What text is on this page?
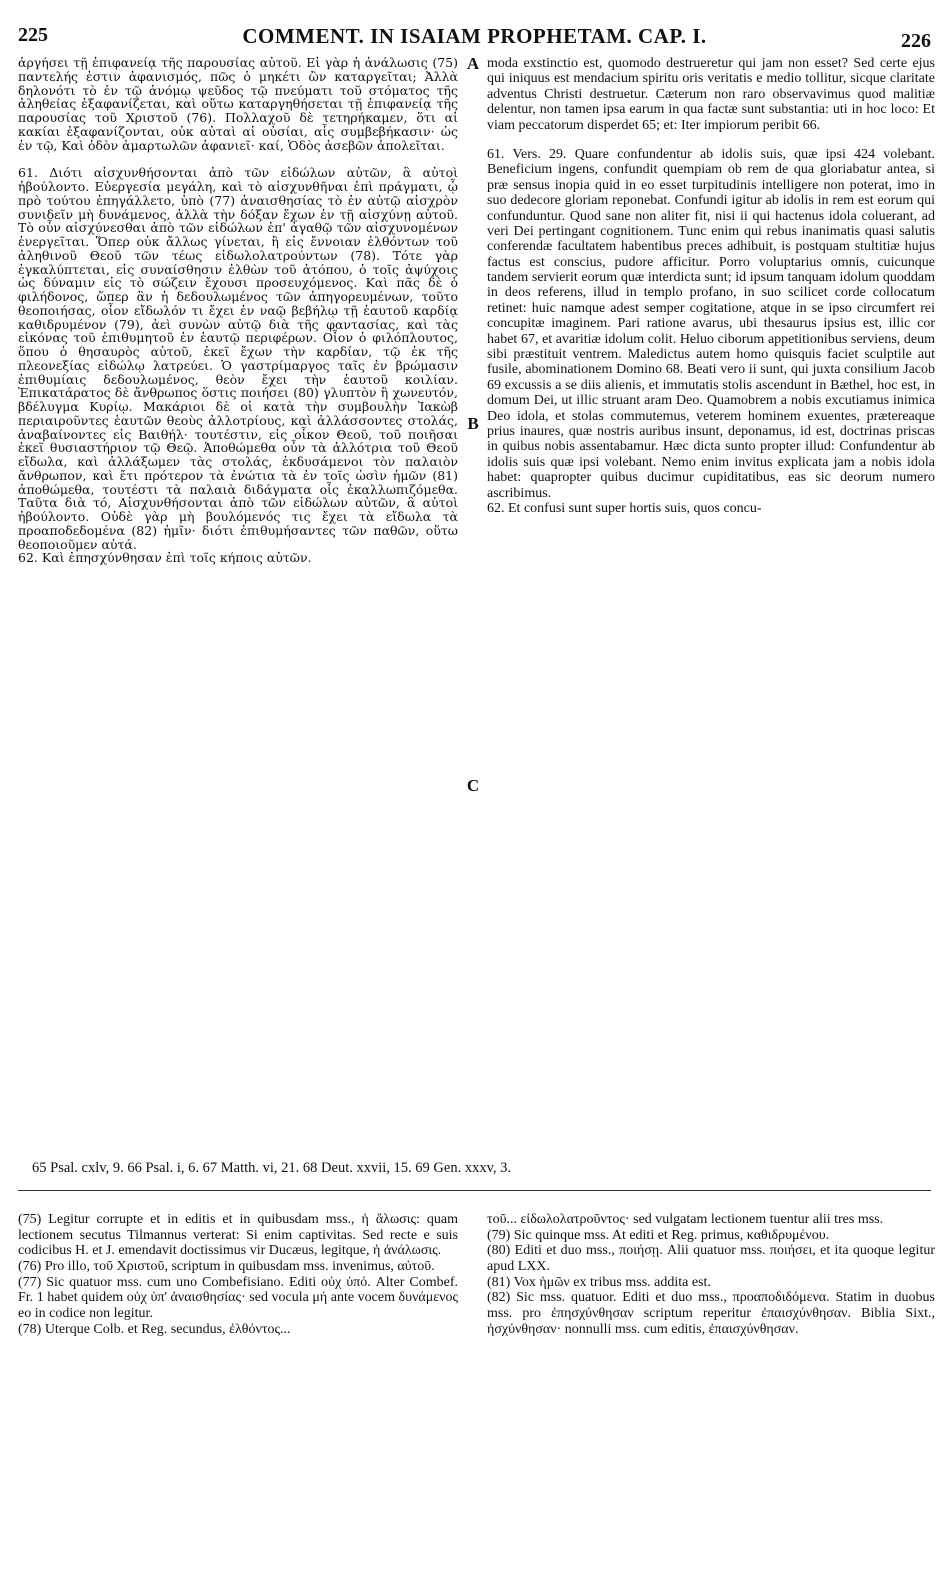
225	COMMENT. IN ISAIAM PROPHETAM. CAP. I.	226

ἀργήσει τῇ ἐπιφανείᾳ τῆς παρουσίας αὐτοῦ. Εἰ γὰρ ἡ ἀνάλωσις (75) παντελής ἐστιν ἀφανισμός, πῶς ὁ μηκέτι ὢν καταργεῖται; Ἀλλὰ δηλονότι τὸ ἐν τῷ ἀνόμῳ ψεῦδος τῷ πνεύματι τοῦ στόματος τῆς ἀληθείας ἐξαφανίζεται, καὶ οὕτω καταργηθήσεται τῇ ἐπιφανείᾳ τῆς παρουσίας τοῦ Χριστοῦ (76). Πολλαχοῦ δὲ τετηρήκαμεν, ὅτι αἱ κακίαι ἐξαφανίζονται, οὐκ αὐταὶ αἱ οὐσίαι, αἷς συμβεβήκασιν· ὡς ἐν τῷ, Καὶ ὁδὸν ἁμαρτωλῶν ἀφανιεῖ· καί, Ὁδὸς ἀσεβῶν ἀπολεῖται.

61. Διότι αἰσχυνθήσονται ἀπὸ τῶν εἰδώλων αὐτῶν, ἃ αὐτοὶ ἠβούλοντο. Εὐεργεσία μεγάλη, καὶ τὸ αἰσχυνθῆναι ἐπὶ πράγματι, ᾧ πρὸ τούτου ἐπηγάλλετο, ὑπὸ (77) ἀναισθησίας τὸ ἐν αὐτῷ αἰσχρὸν συνιδεῖν μὴ δυνάμενος, ἀλλὰ τὴν δόξαν ἔχων ἐν τῇ αἰσχύνῃ αὐτοῦ. Τὸ οὖν αἰσχύνεσθαι ἀπὸ τῶν εἰδώλων ἐπ' ἀγαθῷ τῶν αἰσχυνομένων ἐνεργεῖται. Ὅπερ οὐκ ἄλλως γίνεται, ἢ εἰς ἔννοιαν ἐλθόντων τοῦ ἀληθινοῦ Θεοῦ τῶν τέως εἰδωλολατρούντων (78). Τότε γὰρ ἐγκαλύπτεται, εἰς συναίσθησιν ἐλθὼν τοῦ ἀτόπου, ὁ τοῖς ἀψύχοις ὡς δύναμιν εἰς τὸ σώζειν ἔχουσι προσευχόμενος. Καὶ πᾶς δὲ ὁ φιλήδονος, ὥπερ ἂν ἡ δεδουλωμένος τῶν ἀπηγορευμένων, τοῦτο θεοποιήσας, οἷον εἴδωλόν τι ἔχει ἐν ναῷ βεβήλῳ τῇ ἑαυτοῦ καρδίᾳ καθιδρυμένον (79), ἀεὶ συνὼν αὐτῷ διὰ τῆς φαντασίας, καὶ τὰς εἰκόνας τοῦ ἐπιθυμητοῦ ἐν ἑαυτῷ περιφέρων. Οἷον ὁ φιλόπλουτος, ὅπου ὁ θησαυρὸς αὐτοῦ, ἐκεῖ ἔχων τὴν καρδίαν, τῷ ἐκ τῆς πλεονεξίας εἰδώλῳ λατρεύει. Ὁ γαστρίμαργος ταῖς ἐν βρώμασιν ἐπιθυμίαις δεδουλωμένος, θεὸν ἔχει τὴν ἑαυτοῦ κοιλίαν. Ἐπικατάρατος δὲ ἄνθρωπος ὅστις ποιήσει (80) γλυπτὸν ἢ χωνευτόν, βδέλυγμα Κυρίῳ. Μακάριοι δὲ οἱ κατὰ τὴν συμβουλὴν Ἰακὼβ περιαιροῦντες ἑαυτῶν θεοὺς ἀλλοτρίους, καὶ ἀλλάσσοντες στολάς, ἀναβαίνοντες εἰς Βαιθήλ· τουτέστιν, εἰς οἶκον Θεοῦ, τοῦ ποιῆσαι ἐκεῖ θυσιαστήριον τῷ Θεῷ. Ἀποθώμεθα οὖν τὰ ἀλλότρια τοῦ Θεοῦ εἴδωλα, καὶ ἀλλάξωμεν τὰς στολάς, ἐκδυσάμενοι τὸν παλαιὸν ἄνθρωπον, καὶ ἔτι πρότερον τὰ ἐνώτια τὰ ἐν τοῖς ὠσὶν ἡμῶν (81) ἀποθώμεθα, τουτέστι τὰ παλαιὰ διδάγματα οἷς ἐκαλλωπιζόμεθα. Ταῦτα διὰ τό, Αἰσχυνθήσονται ἀπὸ τῶν εἰδώλων αὐτῶν, ἃ αὐτοὶ ἠβούλοντο. Οὐδὲ γὰρ μὴ βουλόμενός τις ἔχει τὰ εἴδωλα τὰ προαποδεδομένα (82) ἡμῖν· διότι ἐπιθυμήσαντες τῶν παθῶν, οὕτω θεοποιοῦμεν αὐτά.

62. Καὶ ἐπησχύνθησαν ἐπὶ τοῖς κήποις αὐτῶν.

A
B
C

moda exstinctio est, quomodo destrueretur qui jam non esset? Sed certe ejus qui iniquus est mendacium spiritu oris veritatis e medio tollitur, sicque claritate adventus Christi destruetur. Cæterum non raro observavimus quod malitiæ delentur, non tamen ipsa earum in qua factæ sunt substantia: uti in hoc loco: Et viam peccatorum disperdet 65; et: Iter impiorum peribit 66.

61. Vers. 29. Quare confundentur ab idolis suis, quæ ipsi 424 volebant. Beneficium ingens, confundit quempiam ob rem de qua gloriabatur antea, si præ sensus inopia quid in eo esset turpitudinis intelligere non poterat, imo in suo dedecore gloriam reponebat. Confundi igitur ab idolis in rem est eorum qui confunduntur. Quod sane non aliter fit, nisi ii qui hactenus idola coluerant, ad veri Dei pertingant cognitionem. Tunc enim qui rebus inanimatis quasi salutis conferendæ facultatem habentibus preces adhibuit, is postquam stultitiæ hujus factus est conscius, pudore afficitur. Porro voluptarius omnis, cuicunque tandem servierit eorum quæ interdicta sunt; id ipsum tanquam idolum quoddam in deos referens, illud in templo profano, in suo scilicet corde collocatum retinet: huic namque adest semper cogitatione, atque in se ipso circumfert rei concupitæ imaginem. Pari ratione avarus, ubi thesaurus ipsius est, illic cor habet 67, et avaritiæ idolum colit. Heluo ciborum appetitionibus serviens, deum sibi præstituit ventrem. Maledictus autem homo quisquis faciet sculptile aut fusile, abominationem Domino 68. Beati vero ii sunt, qui juxta consilium Jacob 69 excussis a se diis alienis, et immutatis stolis ascendunt in Bæthel, hoc est, in domum Dei, ut illic struant aram Deo. Quamobrem a nobis excutiamus inimica Deo idola, et stolas commutemus, veterem hominem exuentes, prætereaque prius inaures, quæ nostris auribus insunt, deponamus, id est, doctrinas priscas in quibus nobis assentabamur. Hæc dicta sunto propter illud: Confundentur ab idolis suis quæ ipsi volebant. Nemo enim invitus explicata jam a nobis idola habet: quapropter quibus ducimur cupiditatibus, eas sic deorum numero ascribimus.

62. Et confusi sunt super hortis suis, quos concu-

65 Psal. cxlv, 9. 66 Psal. i, 6. 67 Matth. vi, 21. 68 Deut. xxvii, 15. 69 Gen. xxxv, 3.

(75) Legitur corrupte et in editis et in quibusdam mss., ἡ ἅλωσις: quam lectionem secutus Tilmannus verterat: Si enim captivitas. Sed recte e suis codicibus H. et J. emendavit doctissimus vir Ducæus, legitque, ἡ ἀνάλωσις.

(76) Pro illo, τοῦ Χριστοῦ, scriptum in quibusdam mss. invenimus, αὐτοῦ.

(77) Sic quatuor mss. cum uno Combefisiano. Editi οὐχ ὑπό. Alter Combef. Fr. 1 habet quidem οὐχ ὑπ' ἀναισθησίας· sed vocula μή ante vocem δυνάμενος eo in codice non legitur.

(78) Uterque Colb. et Reg. secundus, ἐλθόντος...

τοῦ... εἰδωλολατροῦντος· sed vulgatam lectionem tuentur alii tres mss.

(79) Sic quinque mss. At editi et Reg. primus, καθιδρυμένου.

(80) Editi et duo mss., ποιήσῃ. Alii quatuor mss. ποιήσει, et ita quoque legitur apud LXX.

(81) Vox ἡμῶν ex tribus mss. addita est.

(82) Sic mss. quatuor. Editi et duo mss., προαποδιδόμενα. Statim in duobus mss. pro ἐπησχύνθησαν scriptum reperitur ἐπαισχύνθησαν. Biblia Sixt., ἠσχύνθησαν· nonnulli mss. cum editis, ἐπαισχύνθησαν.
